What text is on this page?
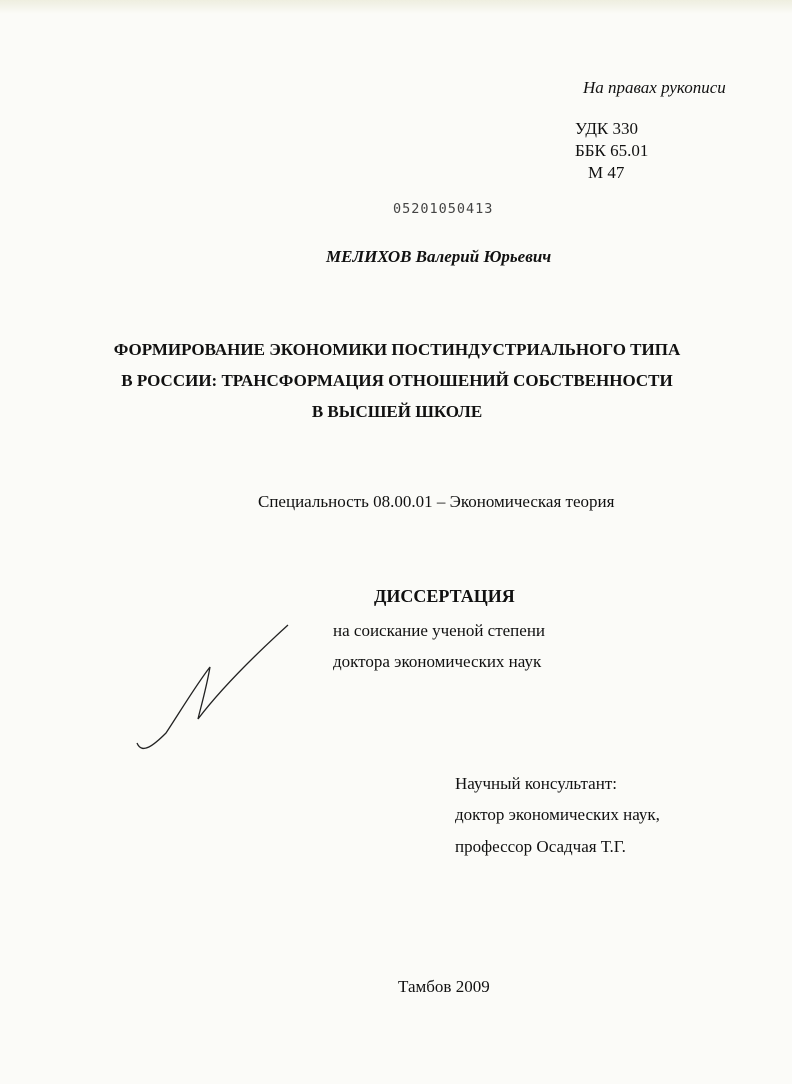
На правах рукописи
УДК 330
ББК 65.01
М 47
05201050413
МЕЛИХОВ Валерий Юрьевич
ФОРМИРОВАНИЕ ЭКОНОМИКИ ПОСТИНДУСТРИАЛЬНОГО ТИПА
В РОССИИ: ТРАНСФОРМАЦИЯ ОТНОШЕНИЙ СОБСТВЕННОСТИ
В ВЫСШЕЙ ШКОЛЕ
Специальность 08.00.01 – Экономическая теория
ДИССЕРТАЦИЯ
на соискание ученой степени
доктора экономических наук
Научный консультант:
доктор экономических наук,
профессор Осадчая Т.Г.
Тамбов 2009
